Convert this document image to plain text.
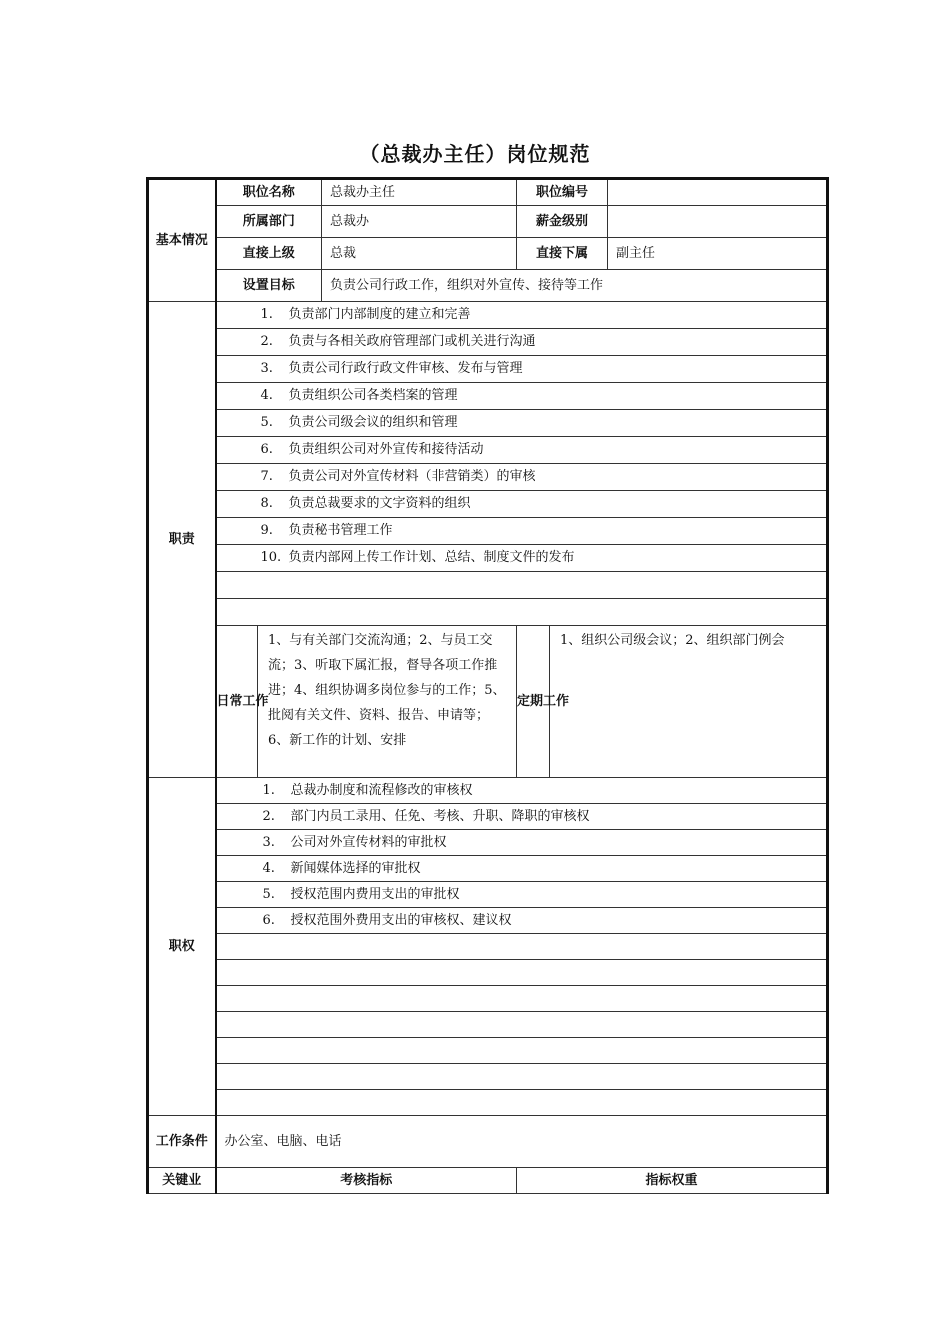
（总裁办主任）岗位规范
基本情况	职位名称		总裁办主任	职位编号		
	所属部门		总裁办	薪金级别		
	直接上级		总裁	直接下属		副主任
	设置目标		负责公司行政工作，组织对外宣传、接待等工作			
职责	1. 负责部门内部制度的建立和完善					
	2. 负责与各相关政府管理部门或机关进行沟通					
	3. 负责公司行政行政文件审核、发布与管理					
	4. 负责组织公司各类档案的管理					
	5. 负责公司级会议的组织和管理					
	6. 负责组织公司对外宣传和接待活动					
	7. 负责公司对外宣传材料（非营销类）的审核					
	8. 负责总裁要求的文字资料的组织					
	9. 负责秘书管理工作					
	10. 负责内部网上传工作计划、总结、制度文件的发布					

	日常工作	1、与有关部门交流沟通；2、与员工交流；3、听取下属汇报，督导各项工作推进；4、组织协调多岗位参与的工作；5、批阅有关文件、资料、报告、申请等；6、新工作的计划、安排		定期工作	1、组织公司级会议；2、组织部门例会	
职权	1. 总裁办制度和流程修改的审核权					
	2. 部门内员工录用、任免、考核、升职、降职的审核权					
	3. 公司对外宣传材料的审批权					
	4. 新闻媒体选择的审批权					
	5. 授权范围内费用支出的审批权					
	6. 授权范围外费用支出的审核权、建议权					

工作条件	办公室、电脑、电话					
关键业	考核指标			指标权重		
